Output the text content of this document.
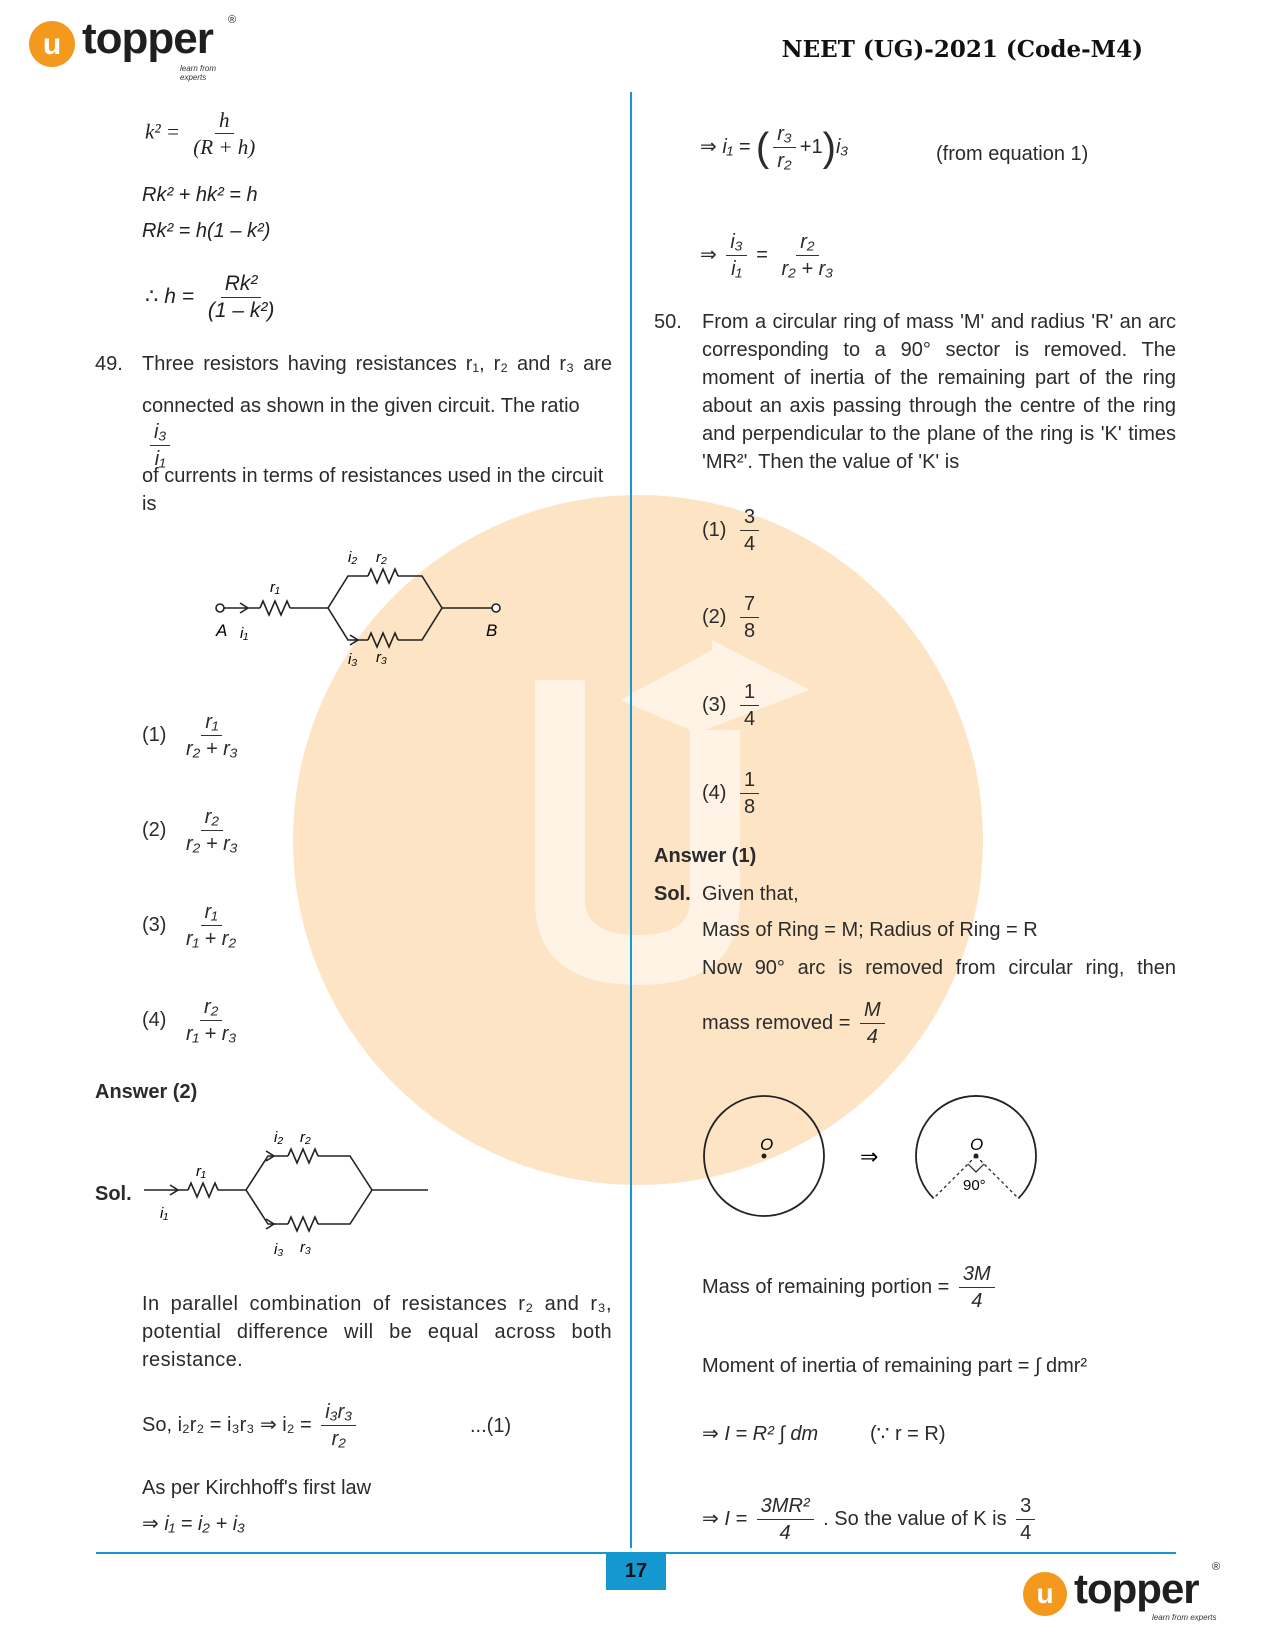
u topper ®
learn from experts
NEET (UG)-2021 (Code-M4)
$k^2 = \frac{h}{(R + h)}$
Rk² + hk² = h
Rk² = h(1 – k²)
∴ $h = \frac{\text{Rk²}}{\text{(1 – k²)}}$
49. Three resistors having resistances r₁, r₂ and r₃ are
connected as shown in the given circuit. The ratio
$\frac{\text{i₃}}{\text{i₁}}$
of currents in terms of resistances used in the circuit
is
A i₁
r₁
i₂ r₂
i₃ r₃
B
$(1) \frac{\text{r₁}}{\text{r₂ + r₃}}$
$(2) \frac{\text{r₂}}{\text{r₂ + r₃}}$
$(3) \frac{\text{r₁}}{\text{r₁ + r₂}}$
$(4) \frac{\text{r₂}}{\text{r₁ + r₃}}$
Answer (2)
Sol.
i₁
r₁
i₂ r₂
i₃ r₃
In parallel combination of resistances r₂ and r₃, potential difference will be equal across both resistance.
So, i₂r₂ = i₃r₃ ⇒ $i_2 = \frac{\text{i₃r₃}}{\text{r₂}}$	...(1)
As per Kirchhoff's first law
⇒ i₁ = i₂ + i₃
⇒ i₁ = ( $\frac{\text{r₃}}{\text{r₂}} +1)i_3$	(from equation 1)
⇒ $\frac{\text{i₃}}{\text{i₁}} = \frac{\text{r₂}}{\text{r₂ + r₃}}$
50. From a circular ring of mass 'M' and radius 'R' an arc corresponding to a 90° sector is removed. The moment of inertia of the remaining part of the ring about an axis passing through the centre of the ring and perpendicular to the plane of the ring is 'K' times 'MR²'. Then the value of 'K' is
$(1) \frac{3}{4}$
$(2) \frac{7}{8}$
$(3) \frac{1}{4}$
$(4) \frac{1}{8}$
Answer (1)
Sol. Given that,
Mass of Ring = M; Radius of Ring = R
Now 90° arc is removed from circular ring, then
mass removed = $\frac{M}{4}$
O
⇒
O
90°
Mass of remaining portion = $\frac{3M}{4}$
Moment of inertia of remaining part = ∫ dmr²
⇒ I = R² ∫ dm	(∵ r = R)
⇒ $I = \frac{\text{3MR²}}{4}$ . So the value of K is $\frac{3}{4}$
17
u topper ®
learn from experts
